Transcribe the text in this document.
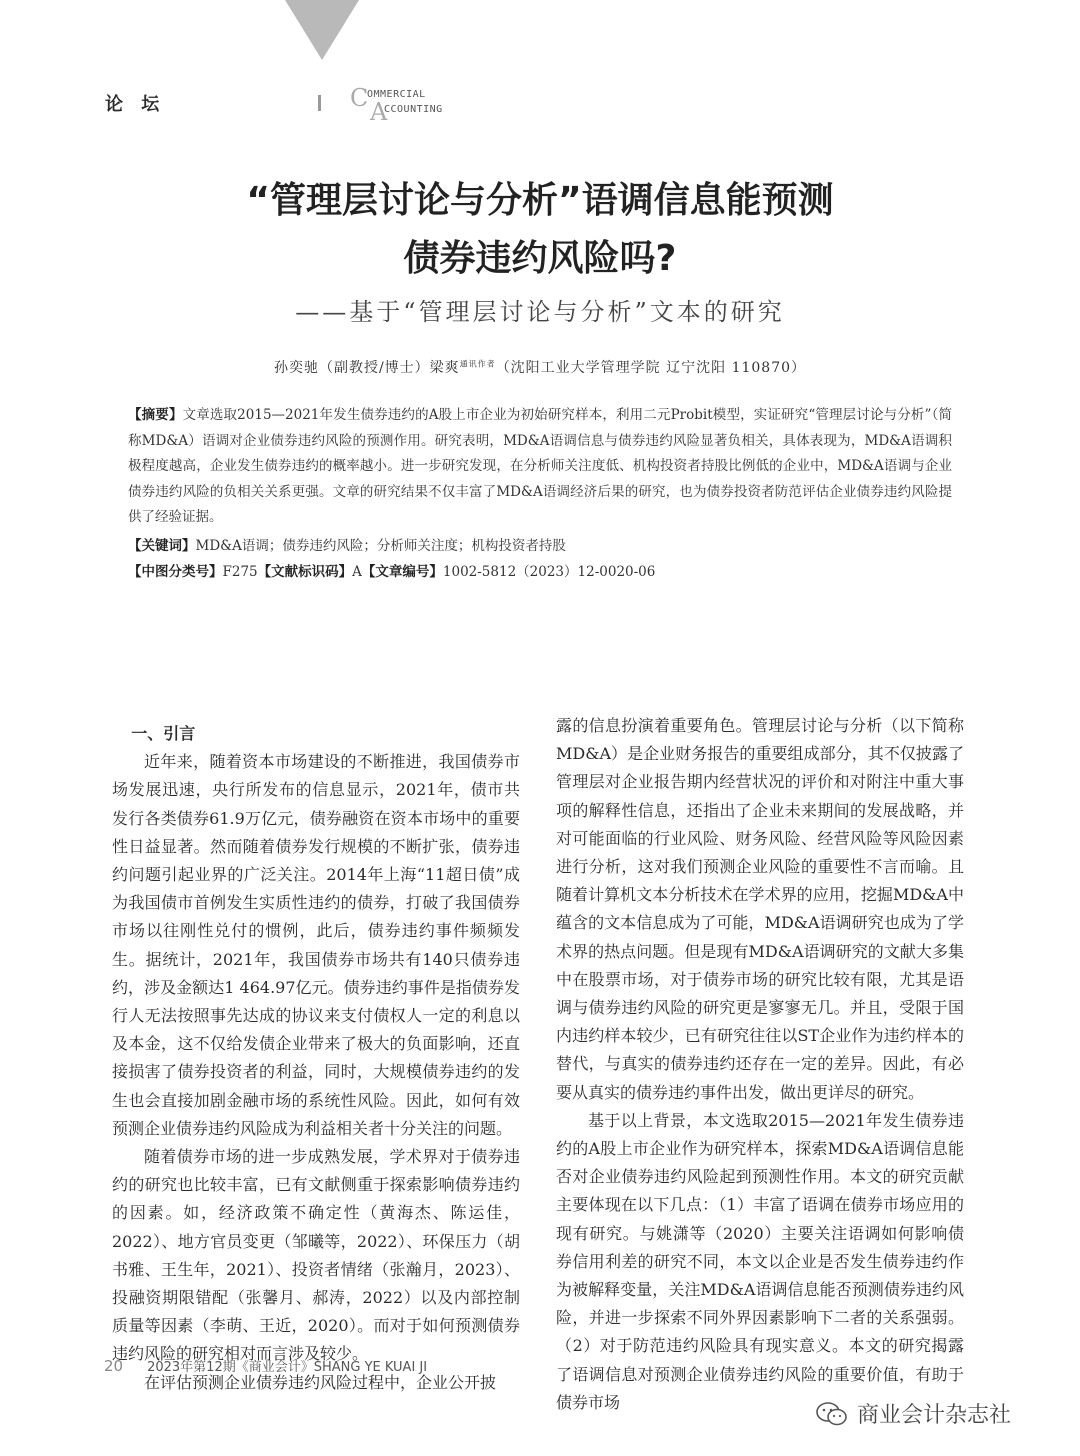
论 坛	C
OMMERCIAL
A
CCOUNTING
“管理层讨论与分析”语调信息能预测
债券违约风险吗?
——基于“管理层讨论与分析”文本的研究
孙奕驰（副教授/博士）梁爽$^{通讯作者}$（沈阳工业大学管理学院 辽宁沈阳 110870）
【摘要】文章选取2015—2021年发生债券违约的A股上市企业为初始研究样本，利用二元Probit模型，实证研究“管理层讨论与分析”（简称MD&A）语调对企业债券违约风险的预测作用。研究表明，MD&A语调信息与债券违约风险显著负相关，具体表现为，MD&A语调积极程度越高，企业发生债券违约的概率越小。进一步研究发现，在分析师关注度低、机构投资者持股比例低的企业中，MD&A语调与企业债券违约风险的负相关关系更强。文章的研究结果不仅丰富了MD&A语调经济后果的研究，也为债券投资者防范评估企业债券违约风险提供了经验证据。
【关键词】MD&A语调；债券违约风险；分析师关注度；机构投资者持股
【中图分类号】F275【文献标识码】A【文章编号】1002-5812（2023）12-0020-06

一、引言

近年来，随着资本市场建设的不断推进，我国债券市场发展迅速，央行所发布的信息显示，2021年，债市共发行各类债券61.9万亿元，债券融资在资本市场中的重要性日益显著。然而随着债券发行规模的不断扩张，债券违约问题引起业界的广泛关注。2014年上海“11超日债”成为我国债市首例发生实质性违约的债券，打破了我国债券市场以往刚性兑付的惯例，此后，债券违约事件频频发生。据统计，2021年，我国债券市场共有140只债券违约，涉及金额达1 464.97亿元。债券违约事件是指债券发行人无法按照事先达成的协议来支付债权人一定的利息以及本金，这不仅给发债企业带来了极大的负面影响，还直接损害了债券投资者的利益，同时，大规模债券违约的发生也会直接加剧金融市场的系统性风险。因此，如何有效预测企业债券违约风险成为利益相关者十分关注的问题。

随着债券市场的进一步成熟发展，学术界对于债券违约的研究也比较丰富，已有文献侧重于探索影响债券违约的因素。如，经济政策不确定性（黄海杰、陈运佳，2022）、地方官员变更（邹曦等，2022）、环保压力（胡书雅、王生年，2021）、投资者情绪（张瀚月，2023）、投融资期限错配（张馨月、郝涛，2022）以及内部控制质量等因素（李萌、王近，2020）。而对于如何预测债券违约风险的研究相对而言涉及较少。

在评估预测企业债券违约风险过程中，企业公开披

露的信息扮演着重要角色。管理层讨论与分析（以下简称MD&A）是企业财务报告的重要组成部分，其不仅披露了管理层对企业报告期内经营状况的评价和对附注中重大事项的解释性信息，还指出了企业未来期间的发展战略，并对可能面临的行业风险、财务风险、经营风险等风险因素进行分析，这对我们预测企业风险的重要性不言而喻。且随着计算机文本分析技术在学术界的应用，挖掘MD&A中蕴含的文本信息成为了可能，MD&A语调研究也成为了学术界的热点问题。但是现有MD&A语调研究的文献大多集中在股票市场，对于债券市场的研究比较有限，尤其是语调与债券违约风险的研究更是寥寥无几。并且，受限于国内违约样本较少，已有研究往往以ST企业作为违约样本的替代，与真实的债券违约还存在一定的差异。因此，有必要从真实的债券违约事件出发，做出更详尽的研究。

基于以上背景，本文选取2015—2021年发生债券违约的A股上市企业作为研究样本，探索MD&A语调信息能否对企业债券违约风险起到预测性作用。本文的研究贡献主要体现在以下几点：（1）丰富了语调在债券市场应用的现有研究。与姚潇等（2020）主要关注语调如何影响债券信用利差的研究不同，本文以企业是否发生债券违约作为被解释变量，关注MD&A语调信息能否预测债券违约风险，并进一步探索不同外界因素影响下二者的关系强弱。（2）对于防范违约风险具有现实意义。本文的研究揭露了语调信息对预测企业债券违约风险的重要价值，有助于债券市场

20 2023年第12期《商业会计》SHANG YE KUAI JI
商业会计杂志社
